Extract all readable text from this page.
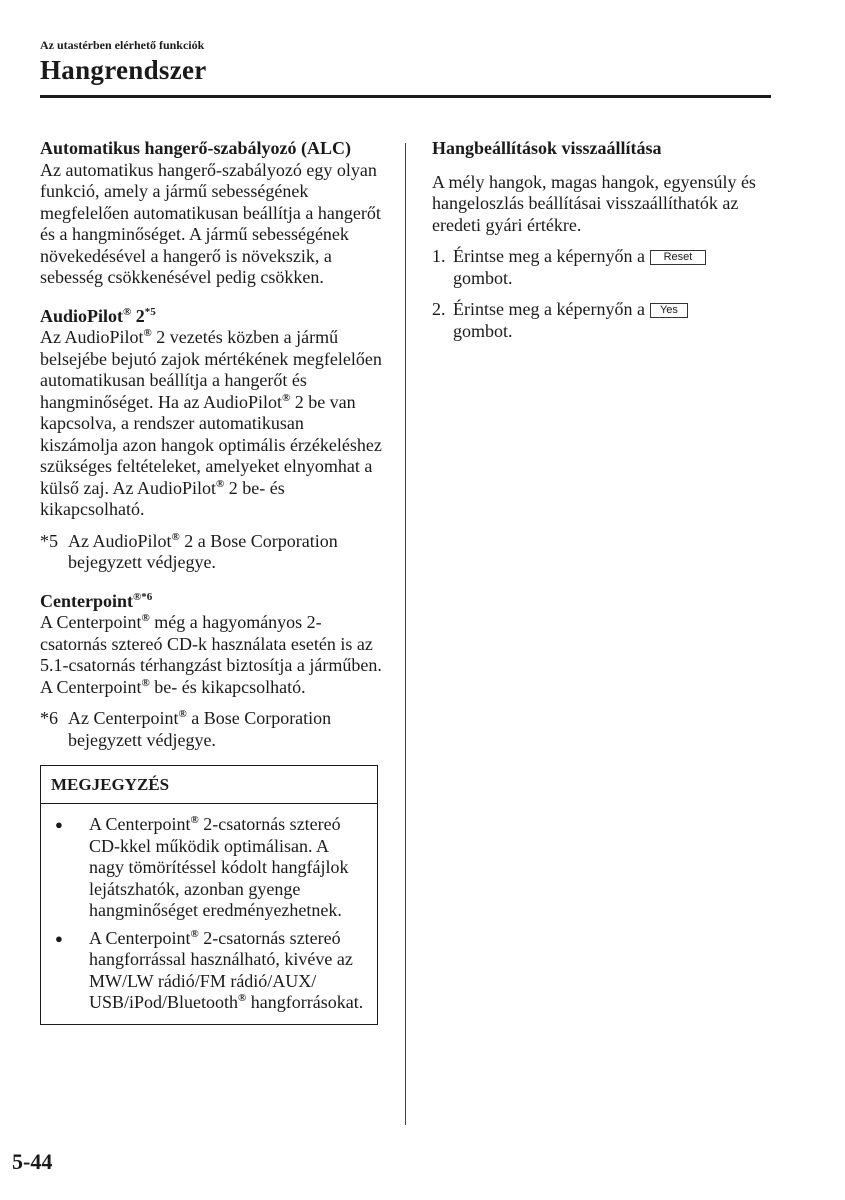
Az utastérben elérhető funkciók
Hangrendszer

Automatikus hangerő-szabályozó (ALC)

Az automatikus hangerő-szabályozó egy olyan funkció, amely a jármű sebességének megfelelően automatikusan beállítja a hangerőt és a hangminőséget. A jármű sebességének növekedésével a hangerő is növekszik, a sebesség csökkenésével pedig csökken.

AudioPilot® 2$^{*5}$

Az AudioPilot® 2 vezetés közben a jármű belsejébe bejutó zajok mértékének megfelelően automatikusan beállítja a hangerőt és hangminőséget. Ha az AudioPilot® 2 be van kapcsolva, a rendszer automatikusan kiszámolja azon hangok optimális érzékeléshez szükséges feltételeket, amelyeket elnyomhat a külső zaj. Az AudioPilot® 2 be- és kikapcsolható.

*5 Az AudioPilot® 2 a Bose Corporation bejegyzett védjegye.

Centerpoint$^{®*6}$

A Centerpoint® még a hagyományos 2-csatornás sztereó CD-k használata esetén is az 5.1-csatornás térhangzást biztosítja a járműben. A Centerpoint® be- és kikapcsolható.

*6 Az Centerpoint® a Bose Corporation bejegyzett védjegye.
MEGJEGYZÉS
●	A Centerpoint® 2-csatornás sztereó CD-kkel működik optimálisan. A nagy tömörítéssel kódolt hangfájlok lejátszhatók, azonban gyenge hangminőséget eredményezhetnek.
●	A Centerpoint® 2-csatornás sztereó hangforrással használható, kivéve az MW/LW rádió/FM rádió/AUX/ USB/iPod/Bluetooth® hangforrásokat.

Hangbeállítások visszaállítása

A mély hangok, magas hangok, egyensúly és hangeloszlás beállításai visszaállíthatók az eredeti gyári értékre.

1. Érintse meg a képernyőn a Reset
gombot.
2. Érintse meg a képernyőn a Yes
gombot.
5-44
